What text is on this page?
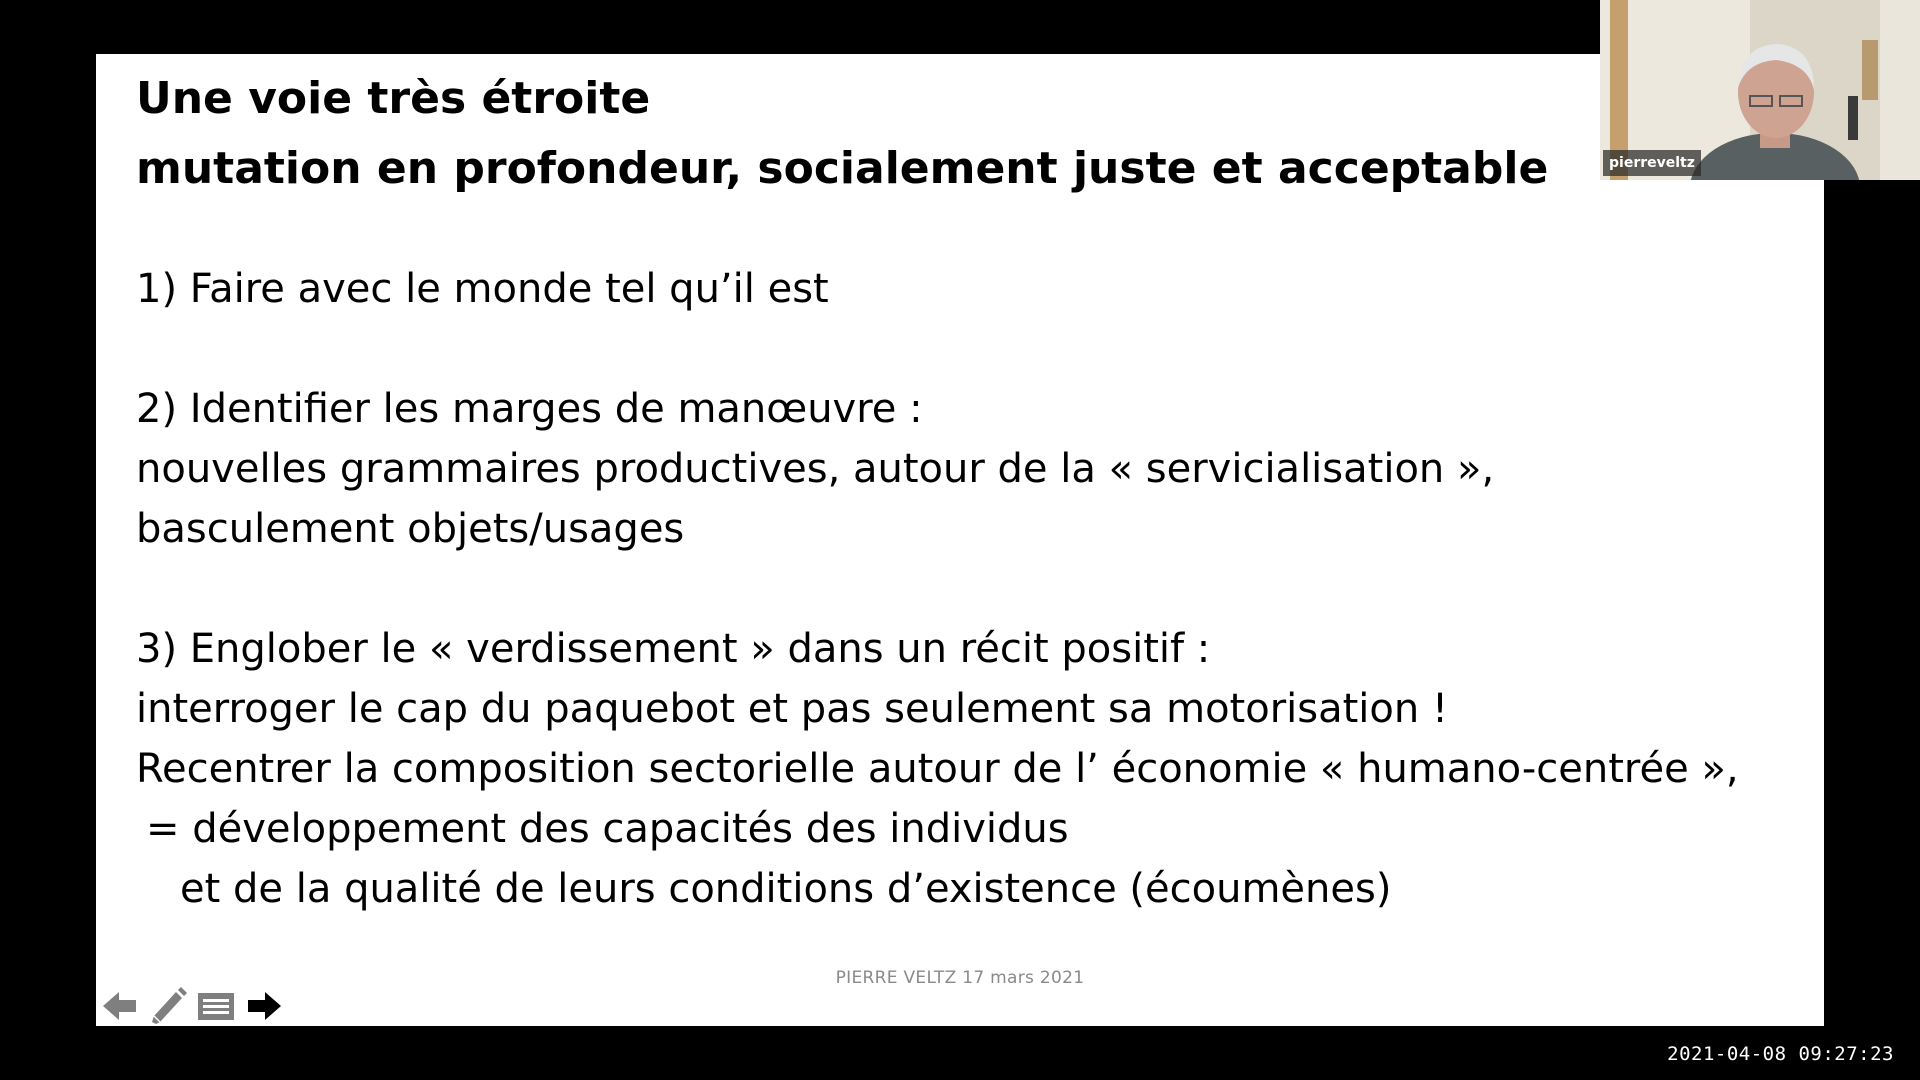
Une voie très étroite
mutation en profondeur, socialement juste et acceptable
1) Faire avec le monde tel qu’il est
2) Identifier les marges de manœuvre :
nouvelles grammaires productives, autour de la « servicialisation »,
basculement objets/usages
3) Englober le « verdissement » dans un récit positif :
interroger le cap du paquebot et pas seulement sa motorisation !
Recentrer la composition sectorielle autour de l’ économie « humano-centrée »,
= développement des capacités des individus
et de la qualité de leurs conditions d’existence (écoumènes)
PIERRE VELTZ 17 mars 2021
pierreveltz
2021-04-08 09:27:23
